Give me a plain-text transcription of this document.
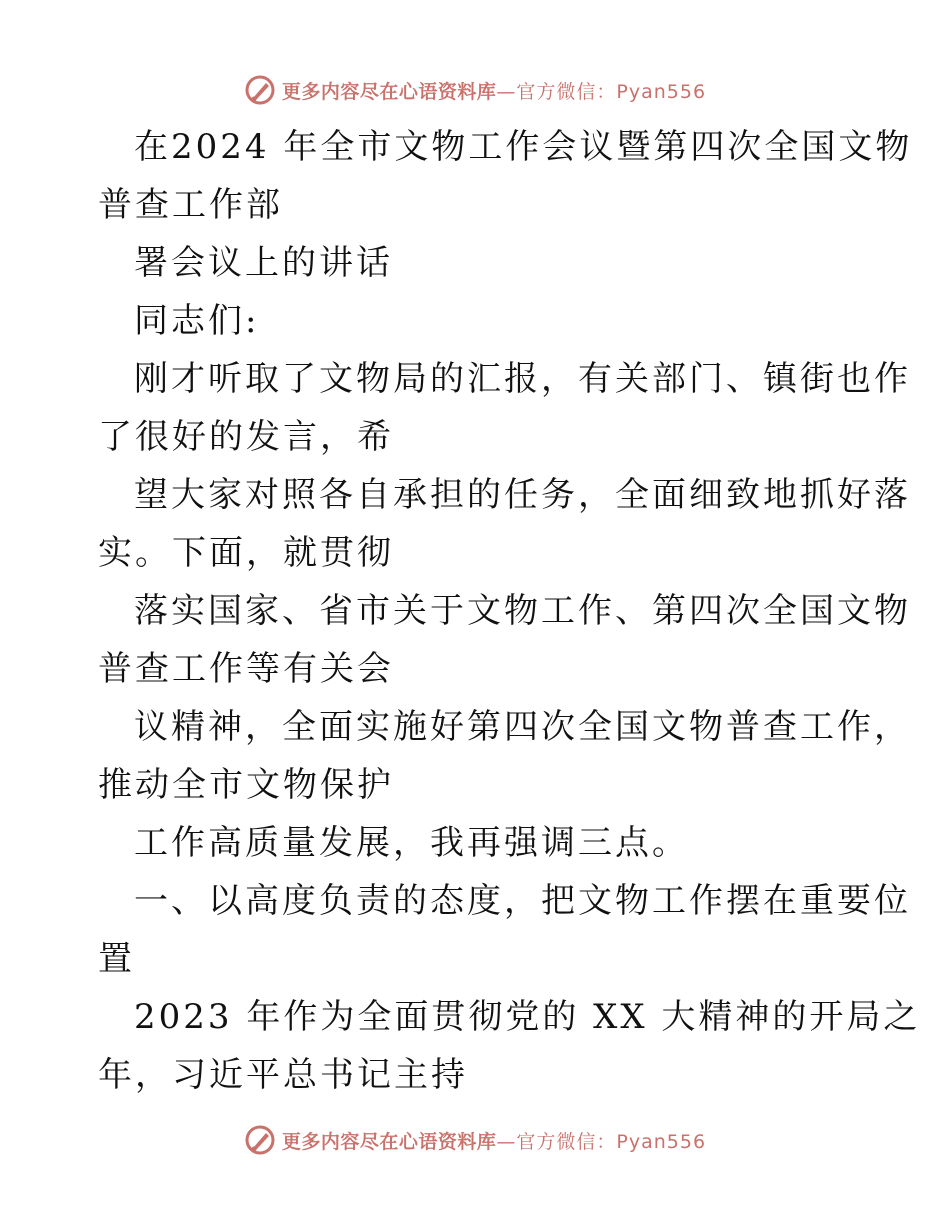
更多内容尽在心语资料库 —官方微信：Pyan556

在2024 年全市文物工作会议暨第四次全国文物

普查工作部

署会议上的讲话

同志们:

刚才听取了文物局的汇报，有关部门、镇街也作

了很好的发言，希

望大家对照各自承担的任务，全面细致地抓好落

实。下面，就贯彻

落实国家、省市关于文物工作、第四次全国文物

普查工作等有关会

议精神，全面实施好第四次全国文物普查工作，

推动全市文物保护

工作高质量发展，我再强调三点。

一、以高度负责的态度，把文物工作摆在重要位

置

2023 年作为全面贯彻党的 XX 大精神的开局之

年，习近平总书记主持

更多内容尽在心语资料库 —官方微信：Pyan556
